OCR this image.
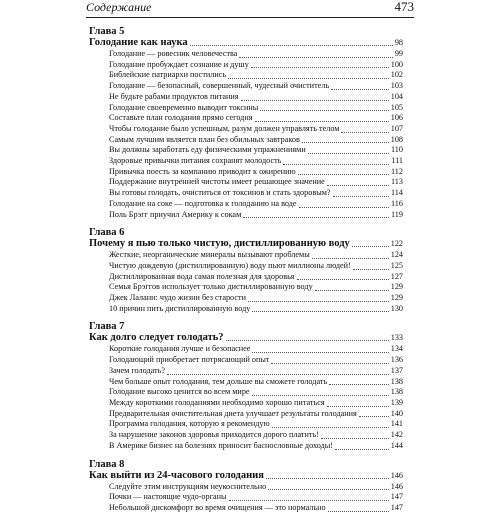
Содержание	473
Глава 5
Голодание как наука	98
Голодание — ровесник человечества	99
Голодание пробуждает сознание и душу	100
Библейские патриархи постились	102
Голодание — безопасный, совершенный, чудесный очиститель	103
Не будьте рабами продуктов питания	104
Голодание своевременно выводит токсины	105
Составьте план голодания прямо сегодня	106
Чтобы голодание было успешным, разум должен управлять телом	107
Самым лучшим является план без обильных завтраков	108
Вы должны заработать еду физическими упражнениями	110
Здоровые привычки питания сохранят молодость	111
Привычка поесть за компанию приводит к ожирению	112
Поддержание внутренней чистоты имеет решающее значение	113
Вы готовы голодать, очиститься от токсинов и стать здоровым?	114
Голодание на соке — подготовка к голоданию на воде	116
Поль Брэгг приучил Америку к сокам	119
Глава 6
Почему я пью только чистую, дистиллированную воду	122
Жесткие, неорганические минералы вызывают проблемы	124
Чистую дождевую (дистиллированную) воду пьют миллионы людей!	125
Дистиллированная вода самая полезная для здоровья	127
Семья Брэггов использует только дистиллированную воду	129
Джек Лаланн: чудо жизни без старости	129
10 причин пить дистиллированную воду	130
Глава 7
Как долго следует голодать?	133
Короткие голодания лучше и безопаснее	134
Голодающий приобретает потрясающий опыт	136
Зачем голодать?	137
Чем больше опыт голодания, тем дольше вы сможете голодать	138
Голодание высоко ценится во всем мире	138
Между короткими голоданиями необходимо хорошо питаться	139
Предварительная очистительная диета улучшает результаты голодания	140
Программа голодания, которую я рекомендую	141
За нарушение законов здоровья приходится дорого платить!	142
В Америке бизнес на болезнях приносит баснословные доходы!	144
Глава 8
Как выйти из 24-часового голодания	146
Следуйте этим инструкциям неукоснительно	146
Почки — настоящие чудо-органы	147
Небольшой дискомфорт во время очищения — это нормально	147
